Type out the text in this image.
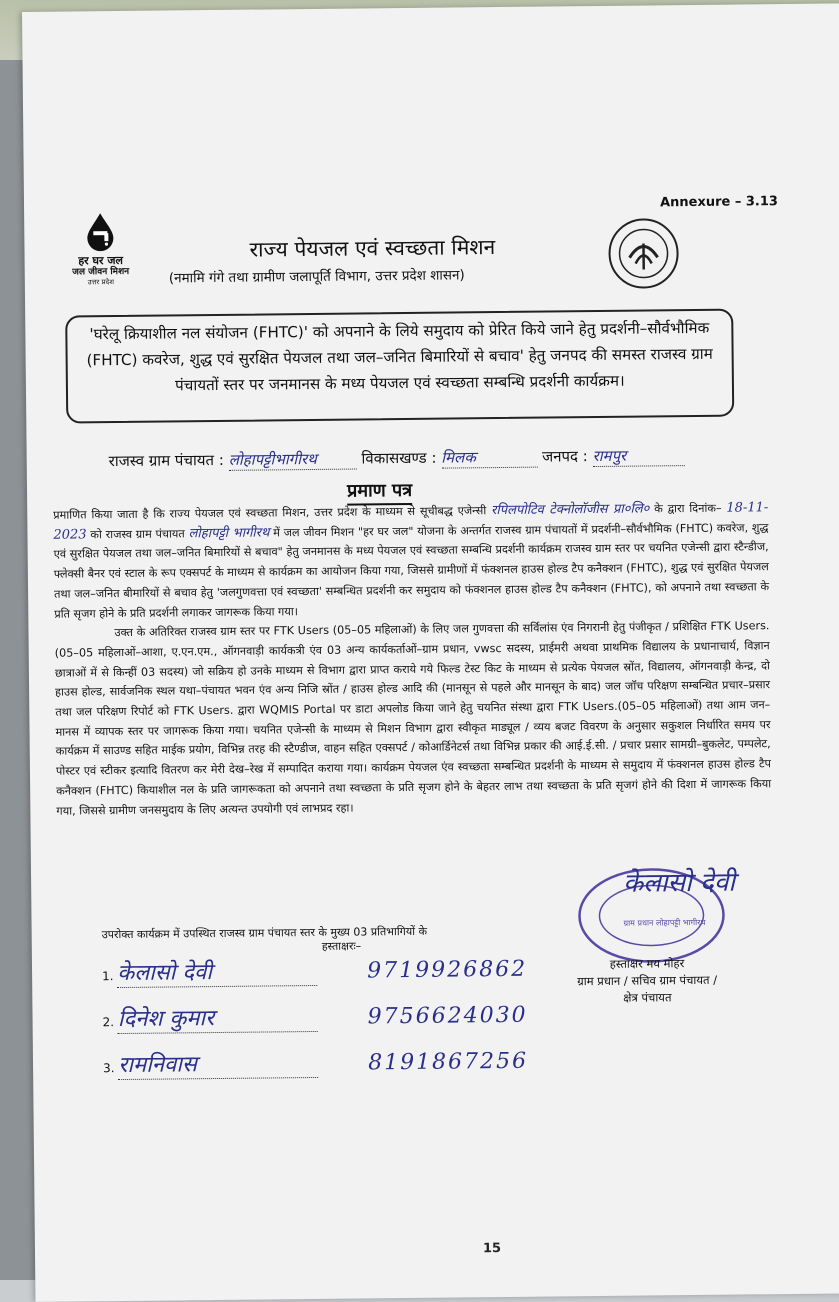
Annexure – 3.13
हर घर जल
जल जीवन मिशन
उत्तर प्रदेश
राज्य पेयजल एवं स्वच्छता मिशन
(नमामि गंगे तथा ग्रामीण जलापूर्ति विभाग, उत्तर प्रदेश शासन)
'घरेलू क्रियाशील नल संयोजन (FHTC)' को अपनाने के लिये समुदाय को प्रेरित किये जाने हेतु प्रदर्शनी–सौर्वभौमिक (FHTC) कवरेज, शुद्ध एवं सुरक्षित पेयजल तथा जल–जनित बिमारियों से बचाव' हेतु जनपद की समस्त राजस्व ग्राम पंचायतों स्तर पर जनमानस के मध्य पेयजल एवं स्वच्छता सम्बन्धि प्रदर्शनी कार्यक्रम।
राजस्व ग्राम पंचायत : लोहापट्टीभागीरथ	विकासखण्ड : मिलक	जनपद : रामपुर
प्रमाण पत्र

प्रमाणित किया जाता है कि राज्य पेयजल एवं स्वच्छता मिशन, उत्तर प्रदेश के माध्यम से सूचीबद्ध एजेन्सी रपिलपोटिव टेक्नोलॉजीस प्रा०लि० के द्वारा दिनांक– 18-11-2023 को राजस्व ग्राम पंचायत लोहापट्टी भागीरथ में जल जीवन मिशन "हर घर जल" योजना के अन्तर्गत राजस्व ग्राम पंचायतों में प्रदर्शनी–सौर्वभौमिक (FHTC) कवरेज, शुद्ध एवं सुरक्षित पेयजल तथा जल–जनित बिमारियों से बचाव" हेतु जनमानस के मध्य पेयजल एवं स्वच्छता सम्बन्धि प्रदर्शनी कार्यक्रम राजस्व ग्राम स्तर पर चयनित एजेन्सी द्वारा स्टैन्डीज, फ्लेक्सी बैनर एवं स्टाल के रूप एक्सपर्ट के माध्यम से कार्यक्रम का आयोजन किया गया, जिससे ग्रामीणों में फंक्शनल हाउस होल्ड टैप कनैक्शन (FHTC), शुद्ध एवं सुरक्षित पेयजल तथा जल–जनित बीमारियों से बचाव हेतु 'जलगुणवत्ता एवं स्वच्छता' सम्बन्धित प्रदर्शनी कर समुदाय को फंक्शनल हाउस होल्ड टैप कनैक्शन (FHTC), को अपनाने तथा स्वच्छता के प्रति सृजग होने के प्रति प्रदर्शनी लगाकर जागरूक किया गया।

उक्त के अतिरिक्त राजस्व ग्राम स्तर पर FTK Users (05–05 महिलाओं) के लिए जल गुणवत्ता की सर्विलांस एंव निगरानी हेतु पंजीकृत / प्रशिक्षित FTK Users.(05–05 महिलाओं–आशा, ए.एन.एम., ऑगनवाड़ी कार्यकत्री एंव 03 अन्य कार्यकर्ताओं–ग्राम प्रधान, vwsc सदस्य, प्राईमरी अथवा प्राथमिक विद्यालय के प्रधानाचार्य, विज्ञान छात्राओं में से किन्हीं 03 सदस्य) जो सक्रिय हो उनके माध्यम से विभाग द्वारा प्राप्त कराये गये फिल्ड टेस्ट किट के माध्यम से प्रत्येक पेयजल स्रोंत, विद्यालय, ऑगनवाड़ी केन्द्र, दो हाउस होल्ड, सार्वजनिक स्थल यथा–पंचायत भवन एंव अन्य निजि स्रोंत / हाउस होल्ड आदि की (मानसून से पहले और मानसून के बाद) जल जॉच परिक्षण सम्बन्धित प्रचार–प्रसार तथा जल परिक्षण रिपोर्ट को FTK Users. द्वारा WQMIS Portal पर डाटा अपलोड किया जाने हेतु चयनित संस्था द्वारा FTK Users.(05–05 महिलाओं) तथा आम जन–मानस में व्यापक स्तर पर जागरूक किया गया। चयनित एजेन्सी के माध्यम से मिशन विभाग द्वारा स्वीकृत माड्यूल / व्यय बजट विवरण के अनुसार सकुशल निर्धारित समय पर कार्यक्रम में साउण्ड सहित माईक प्रयोग, विभिन्न तरह की स्टैण्डीज, वाहन सहित एक्सपर्ट / कोआर्डिनेटर्स तथा विभिन्न प्रकार की आई.ई.सी. / प्रचार प्रसार सामग्री–बुकलेट, पम्पलेट, पोस्टर एवं स्टीकर इत्यादि वितरण कर मेरी देख–रेख में सम्पादित कराया गया। कार्यक्रम पेयजल एंव स्वच्छता सम्बन्धित प्रदर्शनी के माध्यम से समुदाय में फंक्शनल हाउस होल्ड टैप कनैक्शन (FHTC) कियाशील नल के प्रति जागरूकता को अपनाने तथा स्वच्छता के प्रति सृजग होने के बेहतर लाभ तथा स्वच्छता के प्रति सृजगं होने की दिशा में जागरूक किया गया, जिससे ग्रामीण जनसमुदाय के लिए अत्यन्त उपयोगी एवं लाभप्रद रहा।

उपरोक्त कार्यक्रम में उपस्थित राजस्व ग्राम पंचायत स्तर के मुख्य 03 प्रतिभागियों के
हस्ताक्षरः–
1. केलासो देवी	9719926862
2. दिनेश कुमार	9756624030
3. रामनिवास	8191867256
ग्राम प्रधान लोहापट्टी भागीरथ
केलासो देवी
हस्ताक्षर मय मोहर
ग्राम प्रधान / सचिव ग्राम पंचायत /
क्षेत्र पंचायत
15
